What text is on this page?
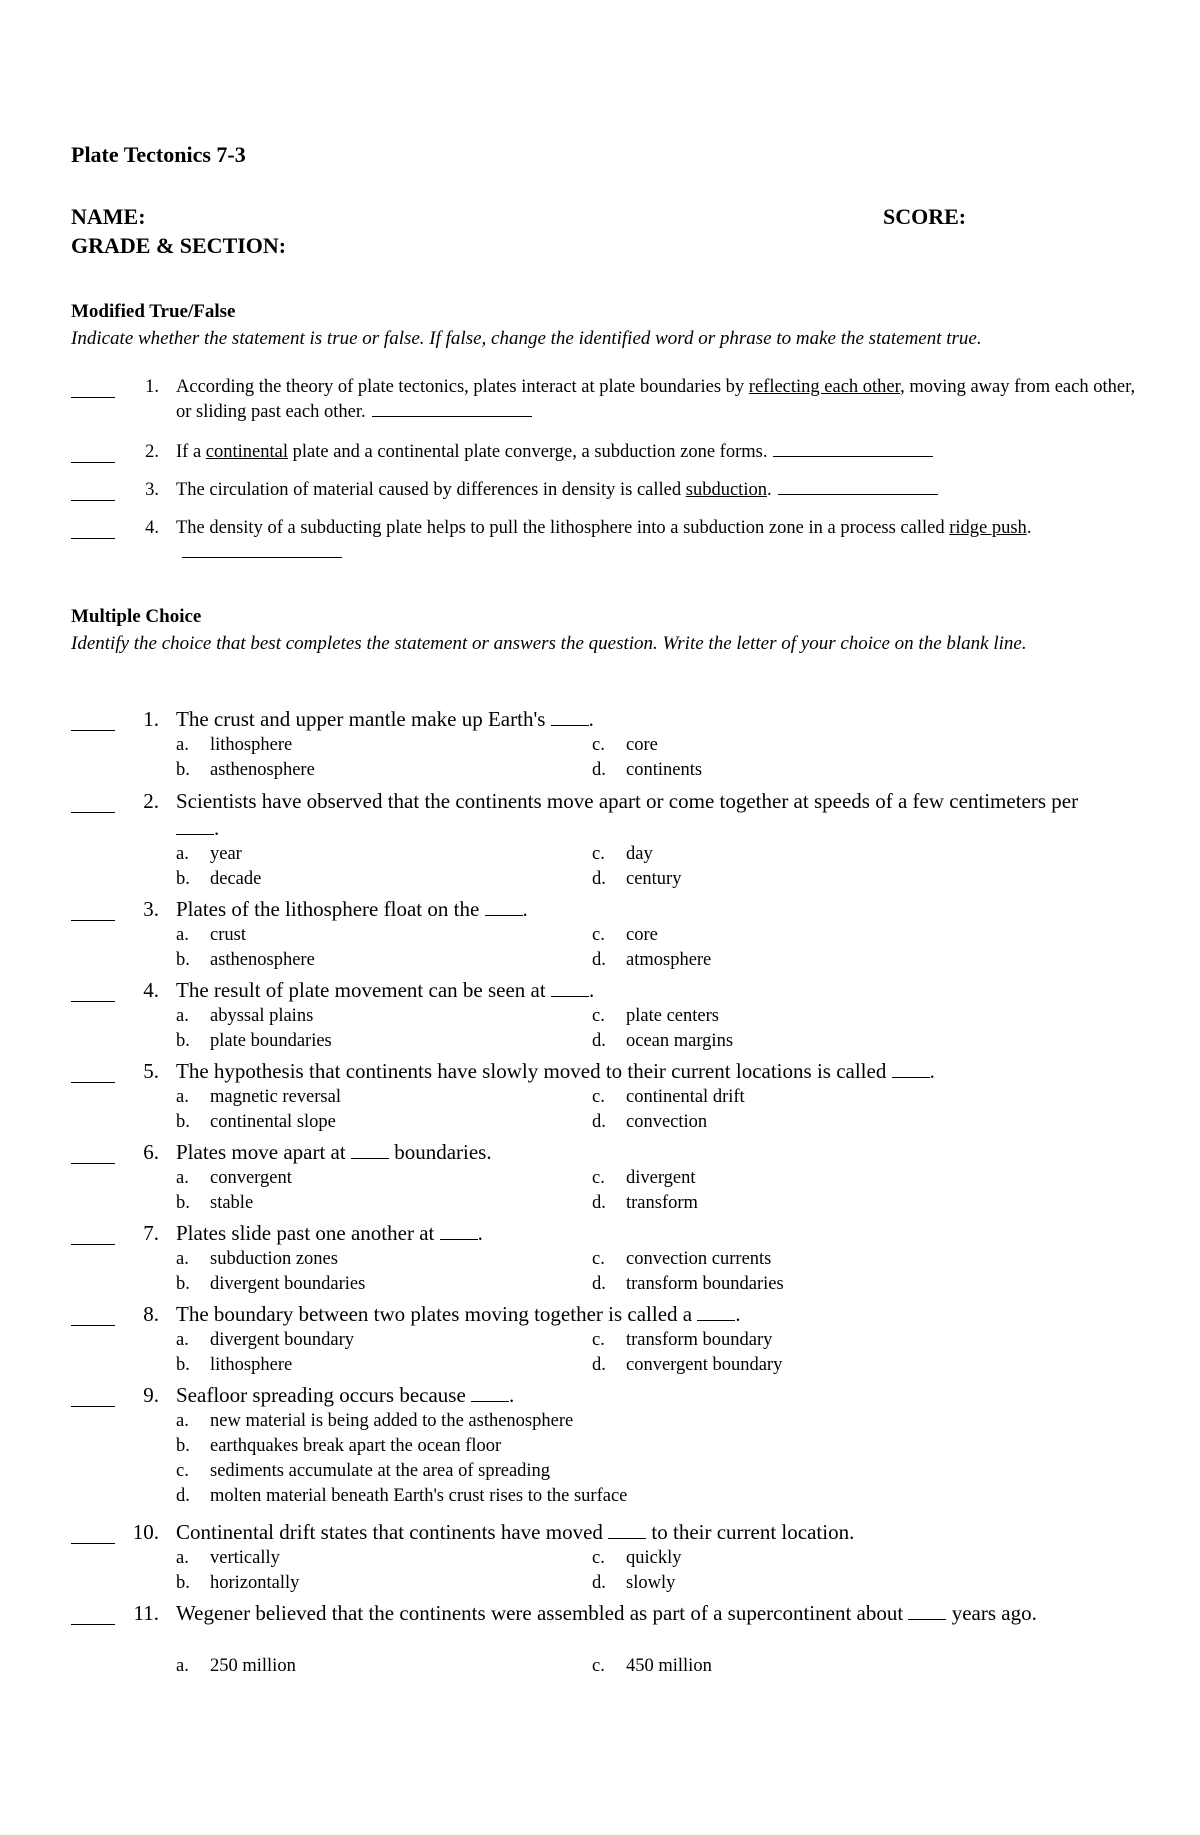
Plate Tectonics 7-3
NAME:	SCORE:
GRADE & SECTION:
Modified True/False
Indicate whether the statement is true or false. If false, change the identified word or phrase to make the statement true.
1. According the theory of plate tectonics, plates interact at plate boundaries by reflecting each other, moving away from each other, or sliding past each other.
2. If a continental plate and a continental plate converge, a subduction zone forms.
3. The circulation of material caused by differences in density is called subduction.
4. The density of a subducting plate helps to pull the lithosphere into a subduction zone in a process called ridge push.
Multiple Choice
Identify the choice that best completes the statement or answers the question. Write the letter of your choice on the blank line.
1. The crust and upper mantle make up Earth's .
a. lithosphere
b. asthenosphere
c. core
d. continents
2. Scientists have observed that the continents move apart or come together at speeds of a few centimeters per .
a. year
b. decade
c. day
d. century
3. Plates of the lithosphere float on the .
a. crust
b. asthenosphere
c. core
d. atmosphere
4. The result of plate movement can be seen at .
a. abyssal plains
b. plate boundaries
c. plate centers
d. ocean margins
5. The hypothesis that continents have slowly moved to their current locations is called .
a. magnetic reversal
b. continental slope
c. continental drift
d. convection
6. Plates move apart at  boundaries.
a. convergent
b. stable
c. divergent
d. transform
7. Plates slide past one another at .
a. subduction zones
b. divergent boundaries
c. convection currents
d. transform boundaries
8. The boundary between two plates moving together is called a .
a. divergent boundary
b. lithosphere
c. transform boundary
d. convergent boundary
9. Seafloor spreading occurs because .
a. new material is being added to the asthenosphere
b. earthquakes break apart the ocean floor
c. sediments accumulate at the area of spreading
d. molten material beneath Earth's crust rises to the surface
10. Continental drift states that continents have moved  to their current location.
a. vertically
b. horizontally
c. quickly
d. slowly
11. Wegener believed that the continents were assembled as part of a supercontinent about  years ago.
a. 250 million	c. 450 million
